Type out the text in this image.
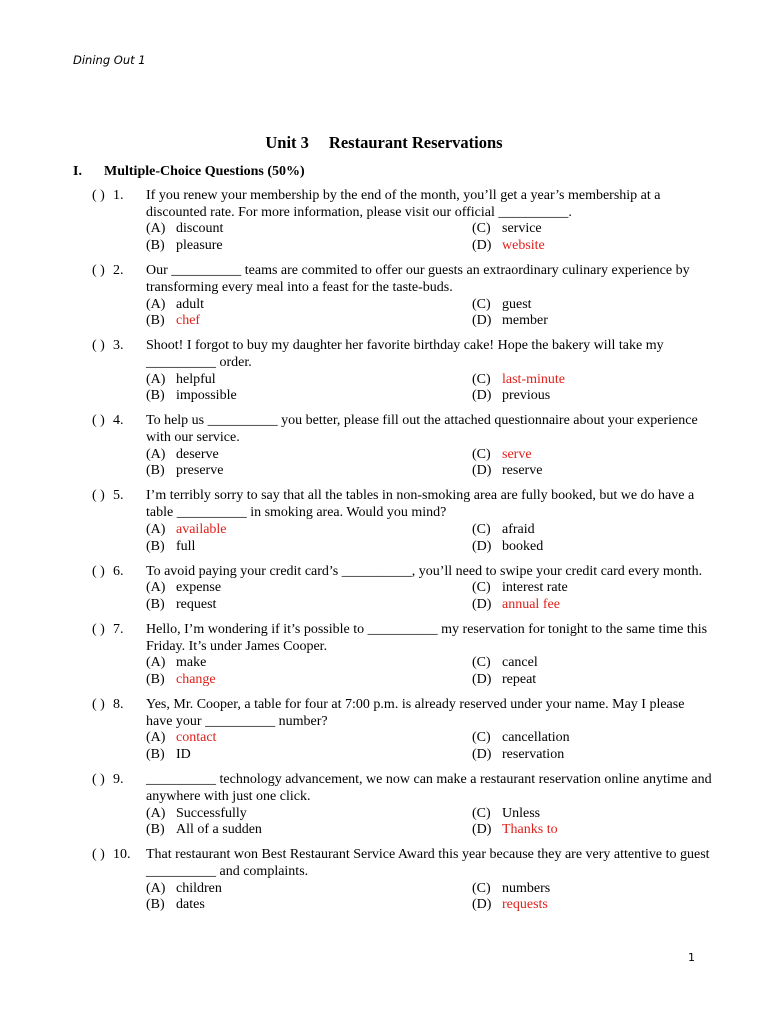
Dining Out 1
Unit 3 Restaurant Reservations
I. Multiple-Choice Questions (50%)
( ) 1. If you renew your membership by the end of the month, you’ll get a year’s membership at a discounted rate. For more information, please visit our official __________.
(A) discount	(C) service
(B) pleasure	(D) website
( ) 2. Our __________ teams are commited to offer our guests an extraordinary culinary experience by transforming every meal into a feast for the taste-buds.
(A) adult	(C) guest
(B) chef	(D) member
( ) 3. Shoot! I forgot to buy my daughter her favorite birthday cake! Hope the bakery will take my __________ order.
(A) helpful	(C) last-minute
(B) impossible	(D) previous
( ) 4. To help us __________ you better, please fill out the attached questionnaire about your experience with our service.
(A) deserve	(C) serve
(B) preserve	(D) reserve
( ) 5. I’m terribly sorry to say that all the tables in non-smoking area are fully booked, but we do have a table __________ in smoking area. Would you mind?
(A) available	(C) afraid
(B) full	(D) booked
( ) 6. To avoid paying your credit card’s __________, you’ll need to swipe your credit card every month.
(A) expense	(C) interest rate
(B) request	(D) annual fee
( ) 7. Hello, I’m wondering if it’s possible to __________ my reservation for tonight to the same time this Friday. It’s under James Cooper.
(A) make	(C) cancel
(B) change	(D) repeat
( ) 8. Yes, Mr. Cooper, a table for four at 7:00 p.m. is already reserved under your name. May I please have your __________ number?
(A) contact	(C) cancellation
(B) ID	(D) reservation
( ) 9. __________ technology advancement, we now can make a restaurant reservation online anytime and anywhere with just one click.
(A) Successfully	(C) Unless
(B) All of a sudden	(D) Thanks to
( ) 10. That restaurant won Best Restaurant Service Award this year because they are very attentive to guest __________ and complaints.
(A) children	(C) numbers
(B) dates	(D) requests
1
